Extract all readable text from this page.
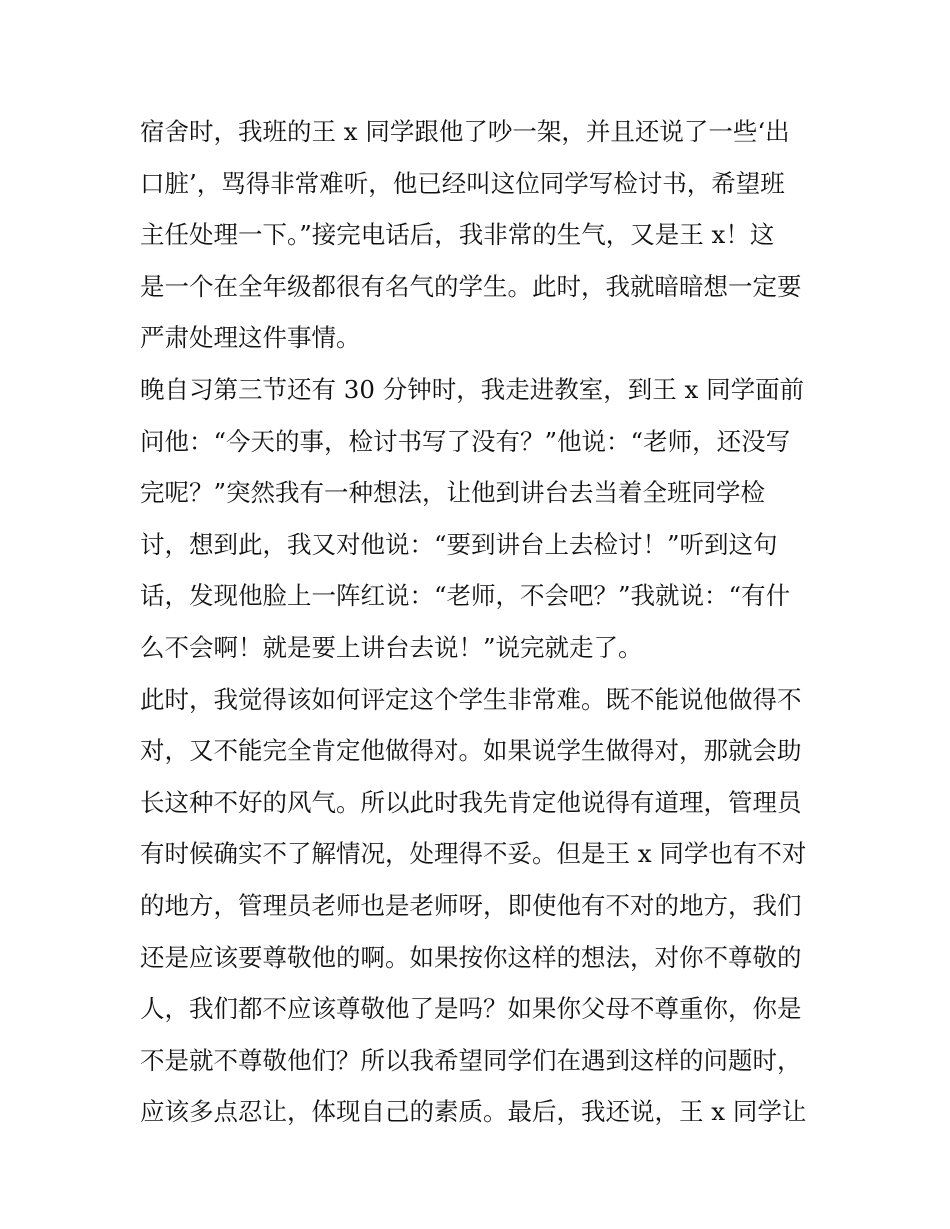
宿舍时，我班的王 x 同学跟他了吵一架，并且还说了一些‘出
口脏’，骂得非常难听，他已经叫这位同学写检讨书，希望班
主任处理一下。”接完电话后，我非常的生气，又是王 x！这
是一个在全年级都很有名气的学生。此时，我就暗暗想一定要
严肃处理这件事情。
晚自习第三节还有 30 分钟时，我走进教室，到王 x 同学面前
问他：“今天的事，检讨书写了没有？”他说：“老师，还没写
完呢？”突然我有一种想法，让他到讲台去当着全班同学检
讨，想到此，我又对他说：“要到讲台上去检讨！”听到这句
话，发现他脸上一阵红说：“老师，不会吧？”我就说：“有什
么不会啊！就是要上讲台去说！”说完就走了。
此时，我觉得该如何评定这个学生非常难。既不能说他做得不
对，又不能完全肯定他做得对。如果说学生做得对，那就会助
长这种不好的风气。所以此时我先肯定他说得有道理，管理员
有时候确实不了解情况，处理得不妥。但是王 x 同学也有不对
的地方，管理员老师也是老师呀，即使他有不对的地方，我们
还是应该要尊敬他的啊。如果按你这样的想法，对你不尊敬的
人，我们都不应该尊敬他了是吗？如果你父母不尊重你，你是
不是就不尊敬他们？所以我希望同学们在遇到这样的问题时，
应该多点忍让，体现自己的素质。最后，我还说，王 x 同学让
